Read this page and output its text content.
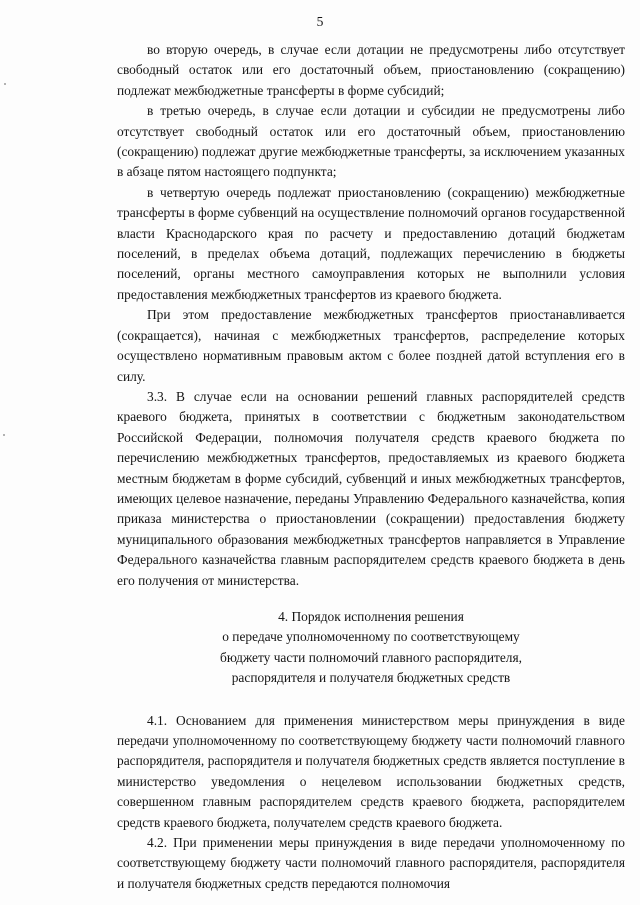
5

во вторую очередь, в случае если дотации не предусмотрены либо отсутствует свободный остаток или его достаточный объем, приостановлению (сокращению) подлежат межбюджетные трансферты в форме субсидий;

в третью очередь, в случае если дотации и субсидии не предусмотрены либо отсутствует свободный остаток или его достаточный объем, приостановлению (сокращению) подлежат другие межбюджетные трансферты, за исключением указанных в абзаце пятом настоящего подпункта;

в четвертую очередь подлежат приостановлению (сокращению) межбюджетные трансферты в форме субвенций на осуществление полномочий органов государственной власти Краснодарского края по расчету и предоставлению дотаций бюджетам поселений, в пределах объема дотаций, подлежащих перечислению в бюджеты поселений, органы местного самоуправления которых не выполнили условия предоставления межбюджетных трансфертов из краевого бюджета.

При этом предоставление межбюджетных трансфертов приостанавливается (сокращается), начиная с межбюджетных трансфертов, распределение которых осуществлено нормативным правовым актом с более поздней датой вступления его в силу.

3.3. В случае если на основании решений главных распорядителей средств краевого бюджета, принятых в соответствии с бюджетным законодательством Российской Федерации, полномочия получателя средств краевого бюджета по перечислению межбюджетных трансфертов, предоставляемых из краевого бюджета местным бюджетам в форме субсидий, субвенций и иных межбюджетных трансфертов, имеющих целевое назначение, переданы Управлению Федерального казначейства, копия приказа министерства о приостановлении (сокращении) предоставления бюджету муниципального образования межбюджетных трансфертов направляется в Управление Федерального казначейства главным распорядителем средств краевого бюджета в день его получения от министерства.

4. Порядок исполнения решения
о передаче уполномоченному по соответствующему
бюджету части полномочий главного распорядителя,
распорядителя и получателя бюджетных средств

4.1. Основанием для применения министерством меры принуждения в виде передачи уполномоченному по соответствующему бюджету части полномочий главного распорядителя, распорядителя и получателя бюджетных средств является поступление в министерство уведомления о нецелевом использовании бюджетных средств, совершенном главным распорядителем средств краевого бюджета, распорядителем средств краевого бюджета, получателем средств краевого бюджета.

4.2. При применении меры принуждения в виде передачи уполномоченному по соответствующему бюджету части полномочий главного распорядителя, распорядителя и получателя бюджетных средств передаются полномочия
